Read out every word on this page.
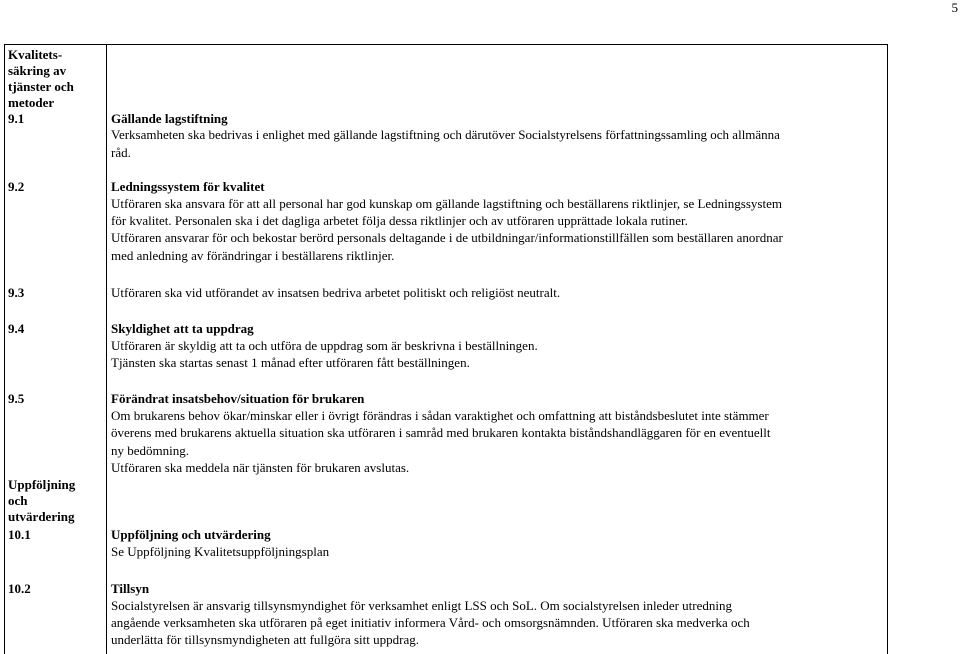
5
Kvalitets-
säkring av
tjänster och
metoder
9.1	Gällande lagstiftning
Verksamheten ska bedrivas i enlighet med gällande lagstiftning och därutöver Socialstyrelsens författningssamling och allmänna
råd.
9.2	Ledningssystem för kvalitet
Utföraren ska ansvara för att all personal har god kunskap om gällande lagstiftning och beställarens riktlinjer, se Ledningssystem
för kvalitet. Personalen ska i det dagliga arbetet följa dessa riktlinjer och av utföraren upprättade lokala rutiner.
Utföraren ansvarar för och bekostar berörd personals deltagande i de utbildningar/informationstillfällen som beställaren anordnar
med anledning av förändringar i beställarens riktlinjer.
9.3	Utföraren ska vid utförandet av insatsen bedriva arbetet politiskt och religiöst neutralt.
9.4	Skyldighet att ta uppdrag
Utföraren är skyldig att ta och utföra de uppdrag som är beskrivna i beställningen.
Tjänsten ska startas senast 1 månad efter utföraren fått beställningen.
9.5	Förändrat insatsbehov/situation för brukaren
Om brukarens behov ökar/minskar eller i övrigt förändras i sådan varaktighet och omfattning att biståndsbeslutet inte stämmer
överens med brukarens aktuella situation ska utföraren i samråd med brukaren kontakta biståndshandläggaren för en eventuellt
ny bedömning.
Utföraren ska meddela när tjänsten för brukaren avslutas.
Uppföljning
och
utvärdering
10.1	Uppföljning och utvärdering
Se Uppföljning Kvalitetsuppföljningsplan
10.2	Tillsyn
Socialstyrelsen är ansvarig tillsynsmyndighet för verksamhet enligt LSS och SoL. Om socialstyrelsen inleder utredning
angående verksamheten ska utföraren på eget initiativ informera Vård- och omsorgsnämnden. Utföraren ska medverka och
underlätta för tillsynsmyndigheten att fullgöra sitt uppdrag.
